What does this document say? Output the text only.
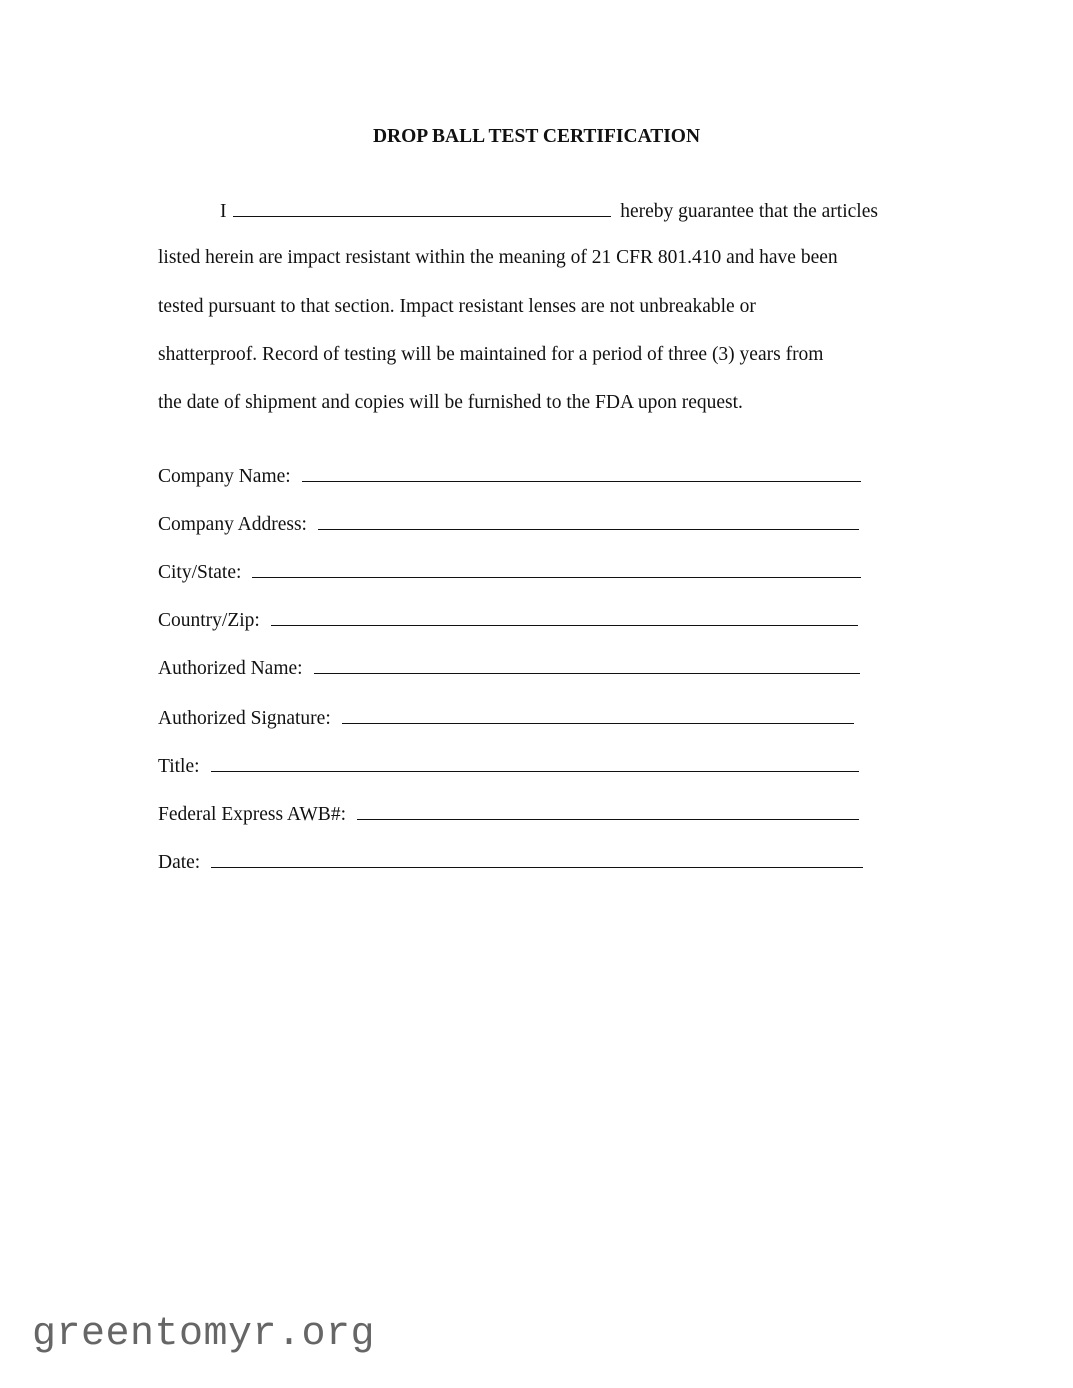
DROP BALL TEST CERTIFICATION
I	hereby guarantee that the articles
listed herein are impact resistant within the meaning of 21 CFR 801.410 and have been
tested pursuant to that section. Impact resistant lenses are not unbreakable or
shatterproof. Record of testing will be maintained for a period of three (3) years from
the date of shipment and copies will be furnished to the FDA upon request.
Company Name:
Company Address:
City/State:
Country/Zip:
Authorized Name:
Authorized Signature:
Title:
Federal Express AWB#:
Date:
greentomyr.org
